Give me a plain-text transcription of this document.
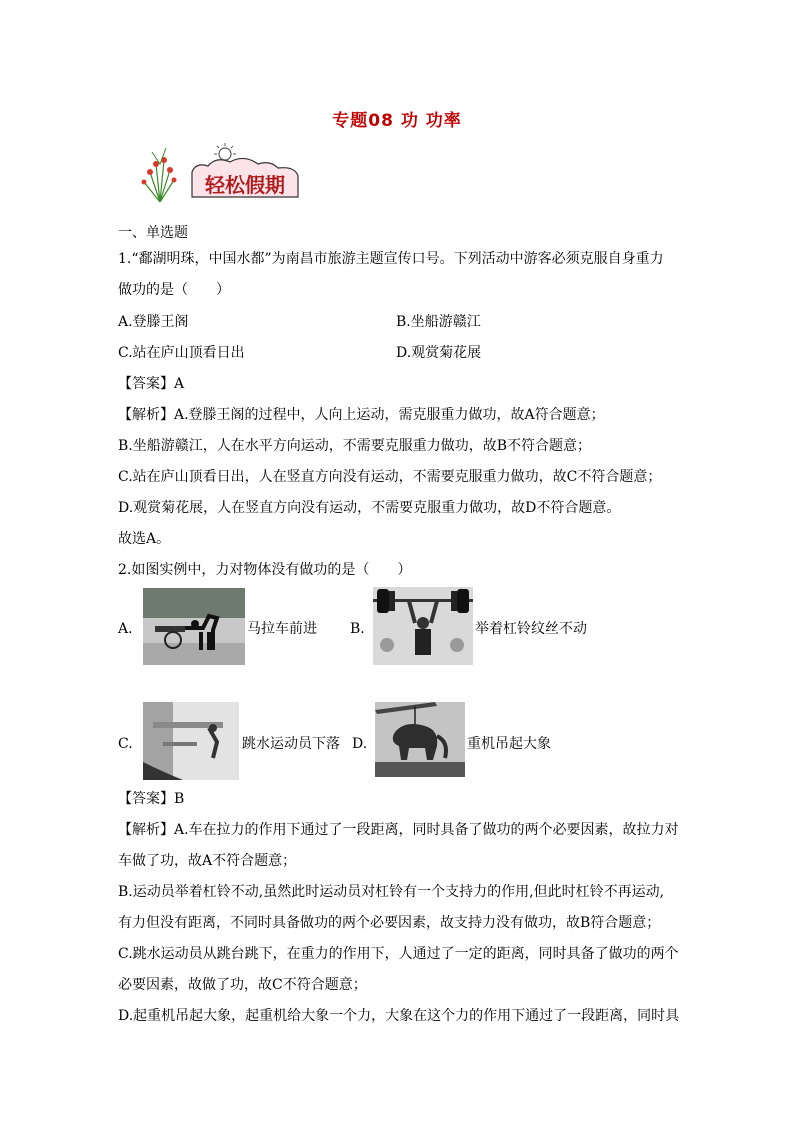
专题08 功 功率
轻松假期
一、单选题
1.“鄱湖明珠，中国水都”为南昌市旅游主题宣传口号。下列活动中游客必须克服自身重力
做功的是（　　）
A.登滕王阁	B.坐船游赣江
C.站在庐山顶看日出	D.观赏菊花展
【答案】A
【解析】A.登滕王阁的过程中，人向上运动，需克服重力做功，故A符合题意；
B.坐船游赣江，人在水平方向运动，不需要克服重力做功，故B不符合题意；
C.站在庐山顶看日出，人在竖直方向没有运动，不需要克服重力做功，故C不符合题意；
D.观赏菊花展，人在竖直方向没有运动，不需要克服重力做功，故D不符合题意。
故选A。
2.如图实例中，力对物体没有做功的是（　　）
A.	马拉车前进 B.	举着杠铃纹丝不动
C.	跳水运动员下落 D.	重机吊起大象
【答案】B
【解析】A.车在拉力的作用下通过了一段距离，同时具备了做功的两个必要因素，故拉力对
车做了功，故A不符合题意；
B.运动员举着杠铃不动,虽然此时运动员对杠铃有一个支持力的作用,但此时杠铃不再运动,
有力但没有距离，不同时具备做功的两个必要因素，故支持力没有做功，故B符合题意；
C.跳水运动员从跳台跳下，在重力的作用下，人通过了一定的距离，同时具备了做功的两个
必要因素，故做了功，故C不符合题意；
D.起重机吊起大象，起重机给大象一个力，大象在这个力的作用下通过了一段距离，同时具
